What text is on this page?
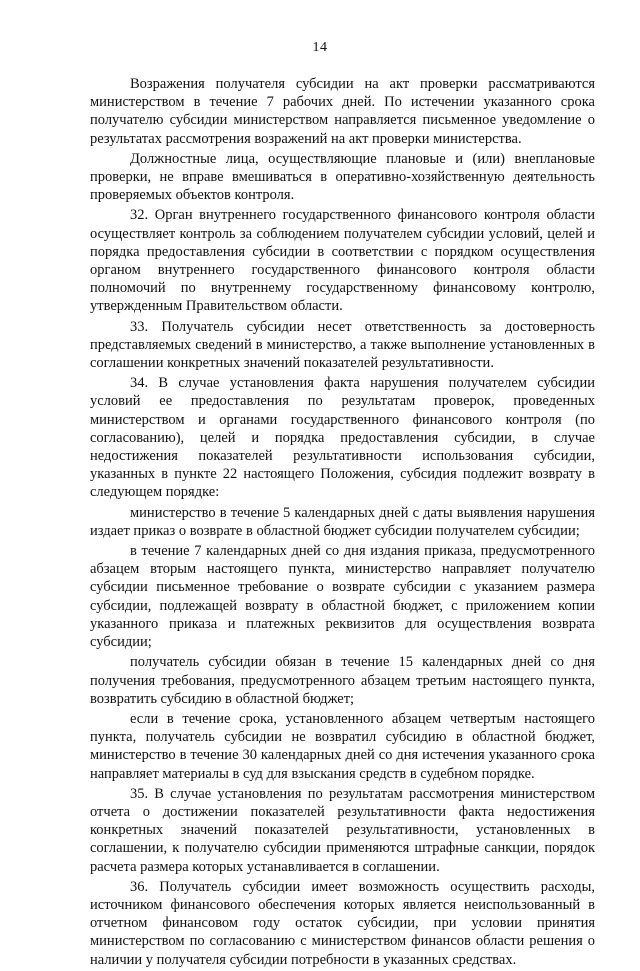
14

Возражения получателя субсидии на акт проверки рассматриваются министерством в течение 7 рабочих дней. По истечении указанного срока получателю субсидии министерством направляется письменное уведомление о результатах рассмотрения возражений на акт проверки министерства.

Должностные лица, осуществляющие плановые и (или) внеплановые проверки, не вправе вмешиваться в оперативно-хозяйственную деятельность проверяемых объектов контроля.

32. Орган внутреннего государственного финансового контроля области осуществляет контроль за соблюдением получателем субсидии условий, целей и порядка предоставления субсидии в соответствии с порядком осуществления органом внутреннего государственного финансового контроля области полномочий по внутреннему государственному финансовому контролю, утвержденным Правительством области.

33. Получатель субсидии несет ответственность за достоверность представляемых сведений в министерство, а также выполнение установленных в соглашении конкретных значений показателей результативности.

34. В случае установления факта нарушения получателем субсидии условий ее предоставления по результатам проверок, проведенных министерством и органами государственного финансового контроля (по согласованию), целей и порядка предоставления субсидии, в случае недостижения показателей результативности использования субсидии, указанных в пункте 22 настоящего Положения, субсидия подлежит возврату в следующем порядке:

министерство в течение 5 календарных дней с даты выявления нарушения издает приказ о возврате в областной бюджет субсидии получателем субсидии;

в течение 7 календарных дней со дня издания приказа, предусмотренного абзацем вторым настоящего пункта, министерство направляет получателю субсидии письменное требование о возврате субсидии с указанием размера субсидии, подлежащей возврату в областной бюджет, с приложением копии указанного приказа и платежных реквизитов для осуществления возврата субсидии;

получатель субсидии обязан в течение 15 календарных дней со дня получения требования, предусмотренного абзацем третьим настоящего пункта, возвратить субсидию в областной бюджет;

если в течение срока, установленного абзацем четвертым настоящего пункта, получатель субсидии не возвратил субсидию в областной бюджет, министерство в течение 30 календарных дней со дня истечения указанного срока направляет материалы в суд для взыскания средств в судебном порядке.

35. В случае установления по результатам рассмотрения министерством отчета о достижении показателей результативности факта недостижения конкретных значений показателей результативности, установленных в соглашении, к получателю субсидии применяются штрафные санкции, порядок расчета размера которых устанавливается в соглашении.

36. Получатель субсидии имеет возможность осуществить расходы, источником финансового обеспечения которых является неиспользованный в отчетном финансовом году остаток субсидии, при условии принятия министерством по согласованию с министерством финансов области решения о наличии у получателя субсидии потребности в указанных средствах.
